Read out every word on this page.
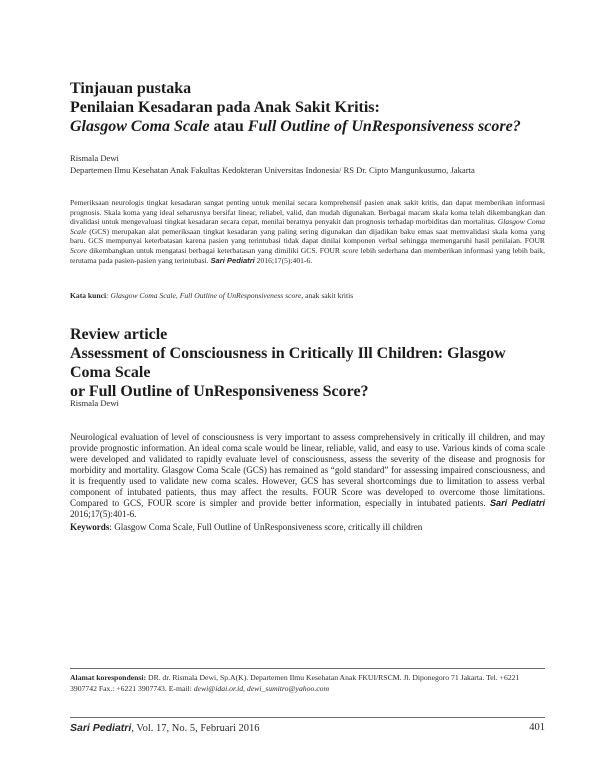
Tinjauan pustaka
Penilaian Kesadaran pada Anak Sakit Kritis:
Glasgow Coma Scale atau Full Outline of UnResponsiveness score?
Rismala Dewi
Departemen Ilmu Kesehatan Anak Fakultas Kedokteran Universitas Indonesia/ RS Dr. Cipto Mangunkusumo, Jakarta
Pemeriksaan neurologis tingkat kesadaran sangat penting untuk menilai secara komprehensif pasien anak sakit kritis, dan dapat memberikan informasi prognosis. Skala koma yang ideal seharusnya bersifat linear, reliabel, valid, dan mudah digunakan. Berbagai macam skala koma telah dikembangkan dan divalidasi untuk mengevaluasi tingkat kesadaran secara cepat, menilai beratnya penyakit dan prognosis terhadap morbiditas dan mortalitas. Glasgow Coma Scale (GCS) merupakan alat pemeriksaan tingkat kesadaran yang paling sering digunakan dan dijadikan baku emas saat memvalidasi skala koma yang baru. GCS mempunyai keterbatasan karena pasien yang terintubasi tidak dapat dinilai komponen verbal sehingga memengaruhi hasil penilaian. FOUR Score dikembangkan untuk mengatasi berbagai keterbatasan yang dimiliki GCS. FOUR score lebih sederhana dan memberikan informasi yang lebih baik, terutama pada pasien-pasien yang terintubasi. Sari Pediatri 2016;17(5):401-6.
Kata kunci: Glasgow Coma Scale, Full Outline of UnResponsiveness score, anak sakit kritis
Review article
Assessment of Consciousness in Critically Ill Children: Glasgow Coma Scale
or Full Outline of UnResponsiveness Score?
Rismala Dewi
Neurological evaluation of level of consciousness is very important to assess comprehensively in critically ill children, and may provide prognostic information. An ideal coma scale would be linear, reliable, valid, and easy to use. Various kinds of coma scale were developed and validated to rapidly evaluate level of consciousness, assess the severity of the disease and prognosis for morbidity and mortality. Glasgow Coma Scale (GCS) has remained as “gold standard” for assessing impaired consciousness, and it is frequently used to validate new coma scales. However, GCS has several shortcomings due to limitation to assess verbal component of intubated patients, thus may affect the results. FOUR Score was developed to overcome those limitations. Compared to GCS, FOUR score is simpler and provide better information, especially in intubated patients. Sari Pediatri 2016;17(5):401-6.
Keywords: Glasgow Coma Scale, Full Outline of UnResponsiveness score, critically ill children
Alamat korespondensi: DR. dr. Rismala Dewi, Sp.A(K). Departemen Ilmu Kesehatan Anak FKUI/RSCM. Jl. Diponegoro 71 Jakarta. Tel. +6221 3907742 Fax.: +6221 3907743. E-mail: dewi@idai.or.id, dewi_sumitro@yahoo.com
Sari Pediatri, Vol. 17, No. 5, Februari 2016	401
